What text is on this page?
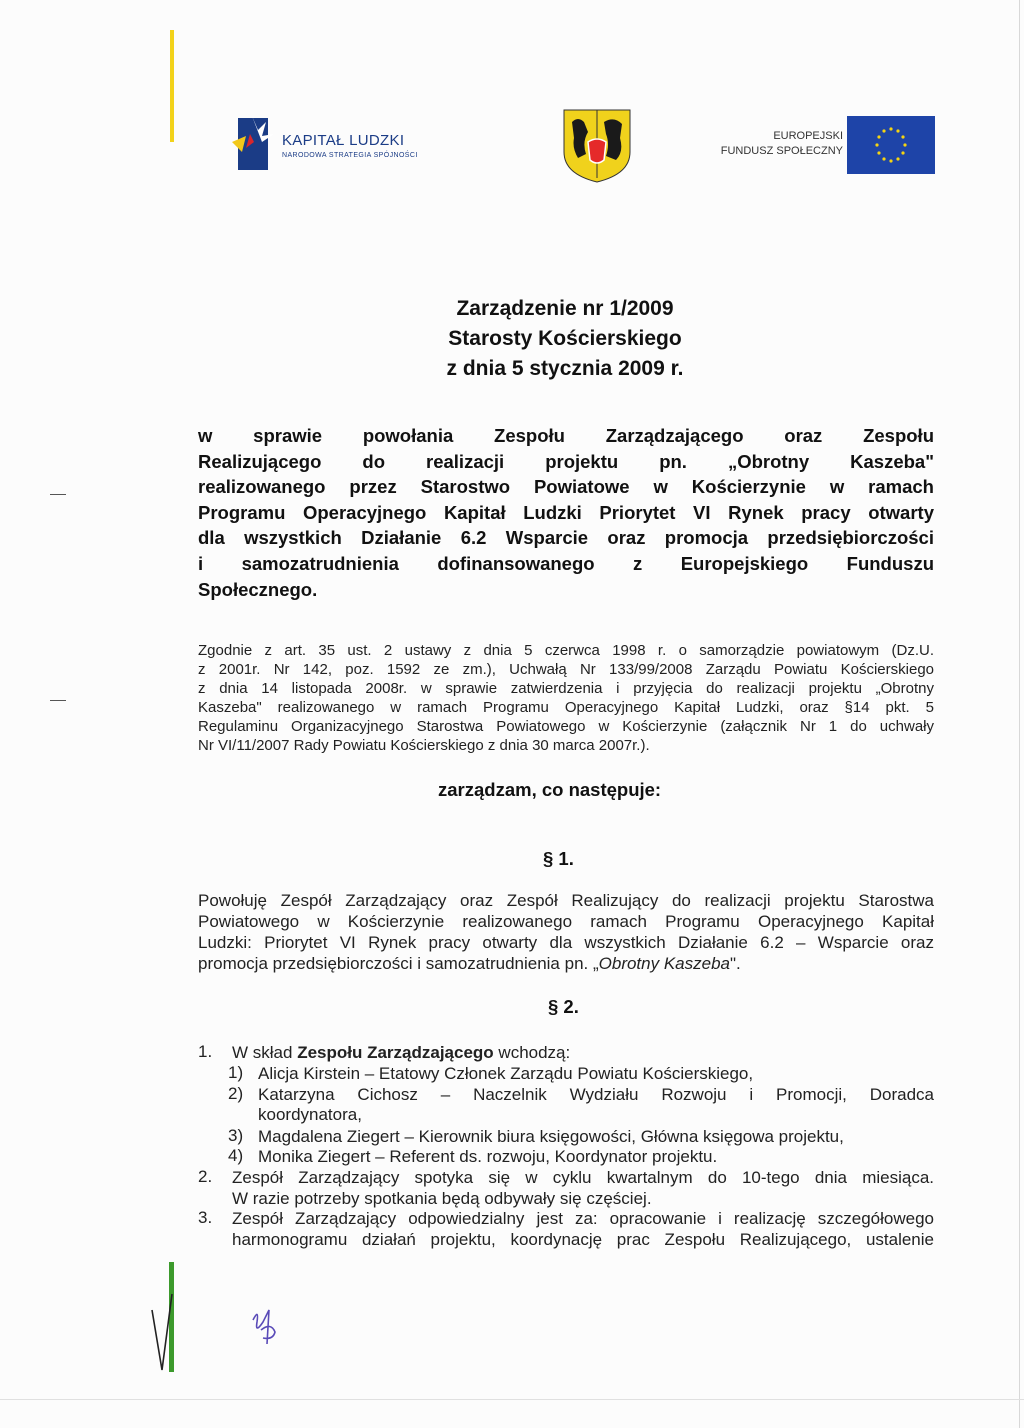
KAPITAŁ LUDZKI
NARODOWA STRATEGIA SPÓJNOŚCI
EUROPEJSKI
FUNDUSZ SPOŁECZNY
Zarządzenie nr 1/2009
Starosty Kościerskiego
z dnia 5 stycznia 2009 r.
w sprawie powołania Zespołu Zarządzającego oraz Zespołu
Realizującego do realizacji projektu pn. „Obrotny Kaszeba"
realizowanego przez Starostwo Powiatowe w Kościerzynie w ramach
Programu Operacyjnego Kapitał Ludzki Priorytet VI Rynek pracy otwarty
dla wszystkich Działanie 6.2 Wsparcie oraz promocja przedsiębiorczości
i samozatrudnienia dofinansowanego z Europejskiego Funduszu
Społecznego.
Zgodnie z art. 35 ust. 2 ustawy z dnia 5 czerwca 1998 r. o samorządzie powiatowym (Dz.U.
z 2001r. Nr 142, poz. 1592 ze zm.), Uchwałą Nr 133/99/2008 Zarządu Powiatu Kościerskiego
z dnia 14 listopada 2008r. w sprawie zatwierdzenia i przyjęcia do realizacji projektu „Obrotny
Kaszeba" realizowanego w ramach Programu Operacyjnego Kapitał Ludzki, oraz §14 pkt. 5
Regulaminu Organizacyjnego Starostwa Powiatowego w Kościerzynie (załącznik Nr 1 do uchwały
Nr VI/11/2007 Rady Powiatu Kościerskiego z dnia 30 marca 2007r.).
zarządzam, co następuje:
§ 1.
Powołuję Zespół Zarządzający oraz Zespół Realizujący do realizacji projektu Starostwa
Powiatowego w Kościerzynie realizowanego ramach Programu Operacyjnego Kapitał
Ludzki: Priorytet VI Rynek pracy otwarty dla wszystkich Działanie 6.2 – Wsparcie oraz
promocja przedsiębiorczości i samozatrudnienia pn. „Obrotny Kaszeba".
§ 2.
1. W skład Zespołu Zarządzającego wchodzą:
1) Alicja Kirstein – Etatowy Członek Zarządu Powiatu Kościerskiego,
2) Katarzyna Cichosz – Naczelnik Wydziału Rozwoju i Promocji, Doradca
koordynatora,
3) Magdalena Ziegert – Kierownik biura księgowości, Główna księgowa projektu,
4) Monika Ziegert – Referent ds. rozwoju, Koordynator projektu.
2. Zespół Zarządzający spotyka się w cyklu kwartalnym do 10-tego dnia miesiąca.
W razie potrzeby spotkania będą odbywały się częściej.
3. Zespół Zarządzający odpowiedzialny jest za: opracowanie i realizację szczegółowego
harmonogramu działań projektu, koordynację prac Zespołu Realizującego, ustalenie
